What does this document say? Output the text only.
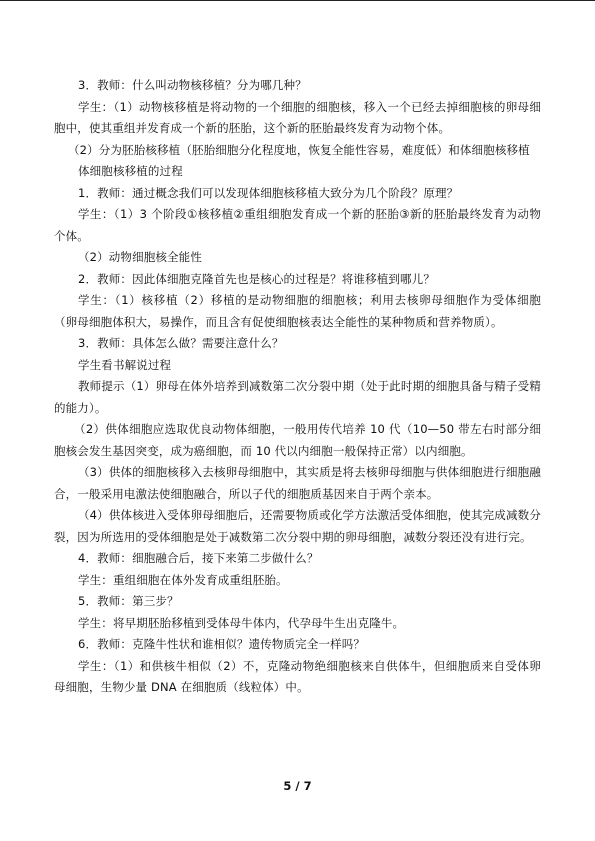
3．教师：什么叫动物核移植？分为哪几种？

学生：（1）动物核移植是将动物的一个细胞的细胞核，移入一个已经去掉细胞核的卵母细胞中，使其重组并发育成一个新的胚胎，这个新的胚胎最终发育为动物个体。

（2）分为胚胎核移植（胚胎细胞分化程度地，恢复全能性容易，难度低）和体细胞核移植

体细胞核移植的过程

1．教师：通过概念我们可以发现体细胞核移植大致分为几个阶段？原理？

学生：（1）3 个阶段①核移植②重组细胞发育成一个新的胚胎③新的胚胎最终发育为动物个体。

（2）动物细胞核全能性

2．教师：因此体细胞克隆首先也是核心的过程是？将谁移植到哪儿？

学生：（1）核移植（2）移植的是动物细胞的细胞核；利用去核卵母细胞作为受体细胞（卵母细胞体积大，易操作，而且含有促使细胞核表达全能性的某种物质和营养物质）。

3．教师：具体怎么做？需要注意什么？

学生看书解说过程

教师提示（1）卵母在体外培养到减数第二次分裂中期（处于此时期的细胞具备与精子受精的能力）。

（2）供体细胞应选取优良动物体细胞，一般用传代培养 10 代（10—50 带左右时部分细胞核会发生基因突变，成为癌细胞，而 10 代以内细胞一般保持正常）以内细胞。

（3）供体的细胞核移入去核卵母细胞中，其实质是将去核卵母细胞与供体细胞进行细胞融合，一般采用电激法使细胞融合，所以子代的细胞质基因来自于两个亲本。

（4）供体核进入受体卵母细胞后，还需要物质或化学方法激活受体细胞，使其完成减数分裂，因为所选用的受体细胞是处于减数第二次分裂中期的卵母细胞，减数分裂还没有进行完。

4．教师：细胞融合后，接下来第二步做什么？

学生：重组细胞在体外发育成重组胚胎。

5．教师：第三步？

学生：将早期胚胎移植到受体母牛体内，代孕母牛生出克隆牛。

6．教师：克隆牛性状和谁相似？遗传物质完全一样吗？

学生：（1）和供核牛相似（2）不，克隆动物绝细胞核来自供体牛，但细胞质来自受体卵母细胞，生物少量 DNA 在细胞质（线粒体）中。

5 / 7
